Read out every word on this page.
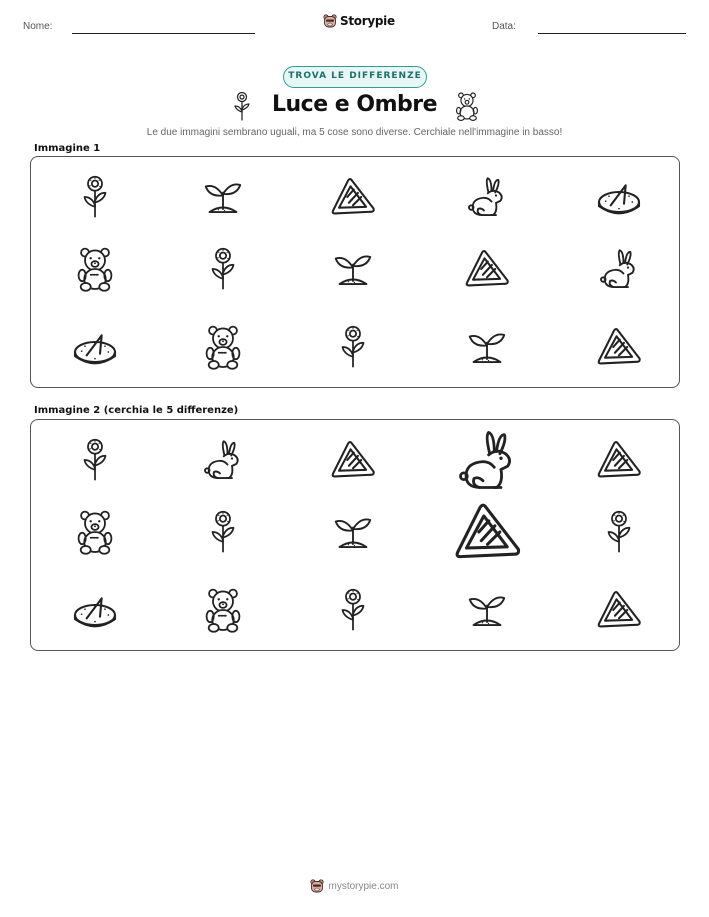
Nome:	Storypie	Data:
TROVA LE DIFFERENZE
Luce e Ombre
Le due immagini sembrano uguali, ma 5 cose sono diverse. Cerchiale nell'immagine in basso!
Immagine 1
Immagine 2 (cerchia le 5 differenze)
mystorypie.com
